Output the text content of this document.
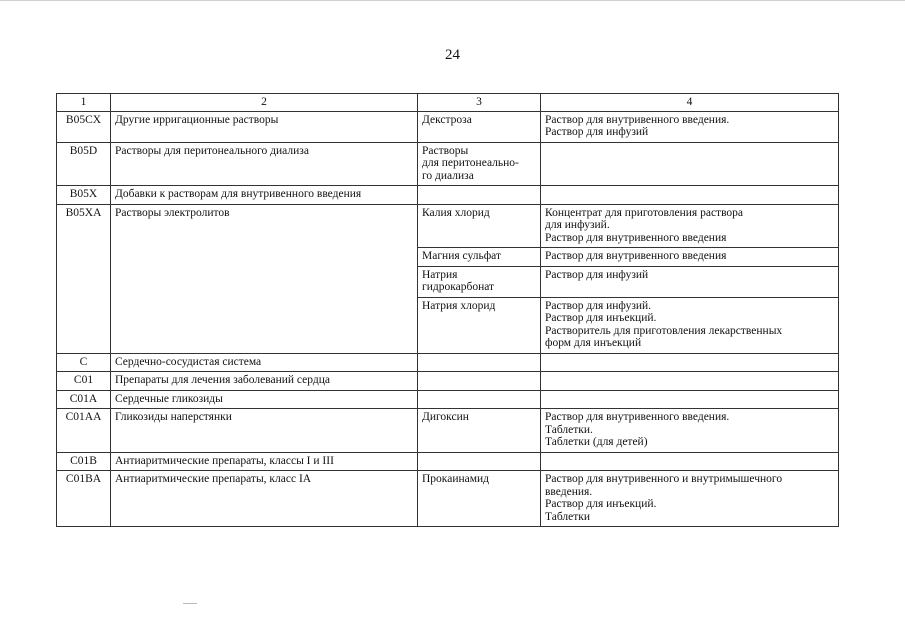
24
1	2	3	4
B05CX	Другие ирригационные растворы	Декстроза	Раствор для внутривенного введения.
Раствор для инфузий
B05D	Растворы для перитонеального диализа	Растворы
для перитонеально-
го диализа	
B05X	Добавки к растворам для внутривенного введения		
B05XA	Растворы электролитов	Калия хлорид	Концентрат для приготовления раствора
для инфузий.
Раствор для внутривенного введения
		Магния сульфат	Раствор для внутривенного введения
		Натрия
гидрокарбонат	Раствор для инфузий
		Натрия хлорид	Раствор для инфузий.
Раствор для инъекций.
Растворитель для приготовления лекарственных
форм для инъекций
C	Сердечно-сосудистая система		
C01	Препараты для лечения заболеваний сердца		
C01A	Сердечные гликозиды		
C01AA	Гликозиды наперстянки	Дигоксин	Раствор для внутривенного введения.
Таблетки.
Таблетки (для детей)
C01B	Антиаритмические препараты, классы I и III		
C01BA	Антиаритмические препараты, класс IA	Прокаинамид	Раствор для внутривенного и внутримышечного
введения.
Раствор для инъекций.
Таблетки
